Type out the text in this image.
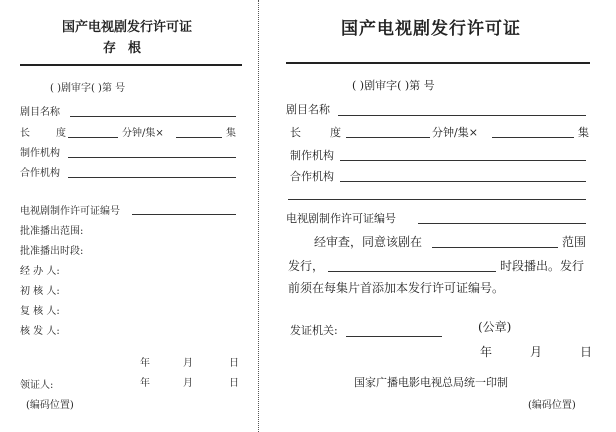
国产电视剧发行许可证
存根
( )剧审字( )第 号
剧目名称
长	度	分钟/集×	集
制作机构
合作机构
电视剧制作许可证编号
批准播出范围:
批准播出时段:
经 办 人:
初 核 人:
复 核 人:
核 发 人:
年	月	日
领证人:	年	月	日
(编码位置)
国产电视剧发行许可证
( )剧审字( )第 号
剧目名称
长	度	分钟/集×	集
制作机构
合作机构
电视剧制作许可证编号
经审查，同意该剧在	范围
发行，	时段播出。发行
前须在每集片首添加本发行许可证编号。
发证机关:	(公章)
年	月	日
国家广播电影电视总局统一印制
(编码位置)
